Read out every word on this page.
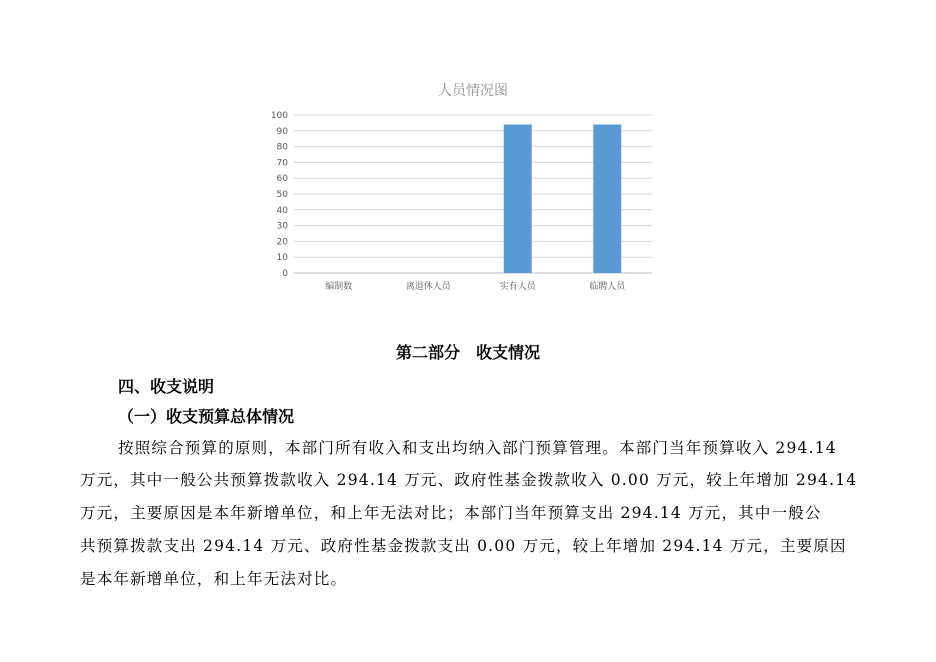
人员情况图
0
10
20
30
40
50
60
70
80
90
100
编制数	离退休人员	实有人员	临聘人员
第二部分　收支情况
四、收支说明
（一）收支预算总体情况
按照综合预算的原则，本部门所有收入和支出均纳入部门预算管理。本部门当年预算收入 294.14
万元，其中一般公共预算拨款收入 294.14 万元、政府性基金拨款收入 0.00 万元，较上年增加 294.14
万元，主要原因是本年新增单位，和上年无法对比；本部门当年预算支出 294.14 万元，其中一般公
共预算拨款支出 294.14 万元、政府性基金拨款支出 0.00 万元，较上年增加 294.14 万元，主要原因
是本年新增单位，和上年无法对比。
